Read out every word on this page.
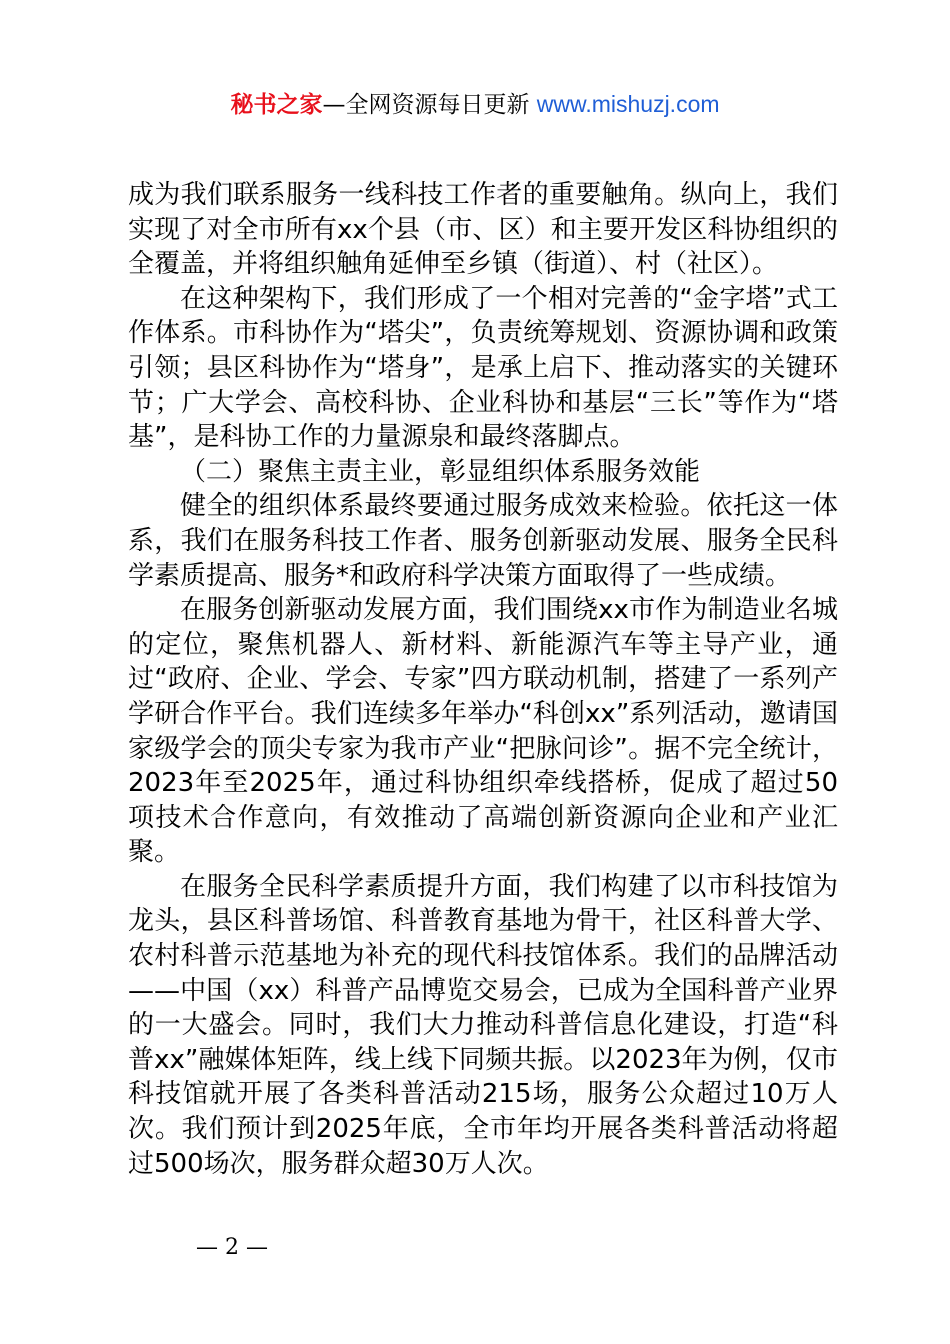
秘书之家—全网资源每日更新 www.mishuzj.com

成为我们联系服务一线科技工作者的重要触角。纵向上，我们实现了对全市所有xx个县（市、区）和主要开发区科协组织的全覆盖，并将组织触角延伸至乡镇（街道）、村（社区）。

在这种架构下，我们形成了一个相对完善的“金字塔”式工作体系。市科协作为“塔尖”，负责统筹规划、资源协调和政策引领；县区科协作为“塔身”，是承上启下、推动落实的关键环节；广大学会、高校科协、企业科协和基层“三长”等作为“塔基”，是科协工作的力量源泉和最终落脚点。

（二）聚焦主责主业，彰显组织体系服务效能

健全的组织体系最终要通过服务成效来检验。依托这一体系，我们在服务科技工作者、服务创新驱动发展、服务全民科学素质提高、服务*和政府科学决策方面取得了一些成绩。

在服务创新驱动发展方面，我们围绕xx市作为制造业名城的定位，聚焦机器人、新材料、新能源汽车等主导产业，通过“政府、企业、学会、专家”四方联动机制，搭建了一系列产学研合作平台。我们连续多年举办“科创xx”系列活动，邀请国家级学会的顶尖专家为我市产业“把脉问诊”。据不完全统计，2023年至2025年，通过科协组织牵线搭桥，促成了超过50项技术合作意向，有效推动了高端创新资源向企业和产业汇聚。

在服务全民科学素质提升方面，我们构建了以市科技馆为龙头，县区科普场馆、科普教育基地为骨干，社区科普大学、农村科普示范基地为补充的现代科技馆体系。我们的品牌活动——中国（xx）科普产品博览交易会，已成为全国科普产业界的一大盛会。同时，我们大力推动科普信息化建设，打造“科普xx”融媒体矩阵，线上线下同频共振。以2023年为例，仅市科技馆就开展了各类科普活动215场，服务公众超过10万人次。我们预计到2025年底，全市年均开展各类科普活动将超过500场次，服务群众超30万人次。

— 2 —
